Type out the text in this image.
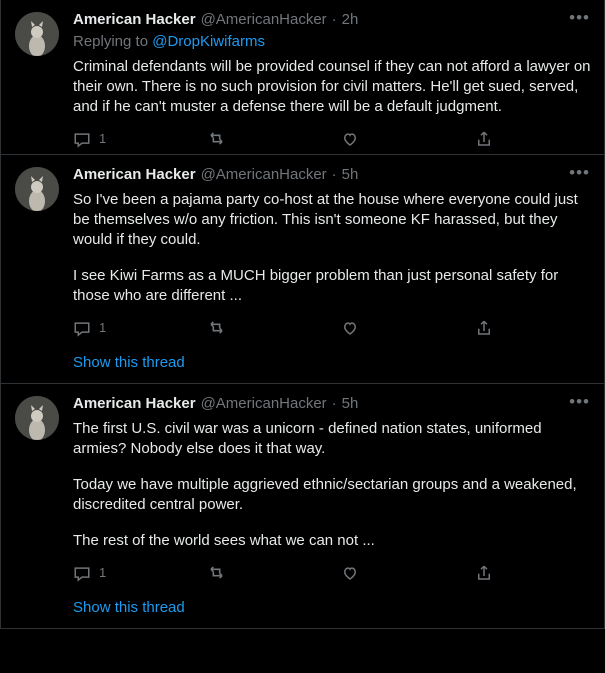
•••
American Hacker @AmericanHacker · 2h
Replying to @DropKiwifarms
Criminal defendants will be provided counsel if they can not afford a lawyer on their own. There is no such provision for civil matters. He'll get sued, served, and if he can't muster a defense there will be a default judgment.
1
•••
American Hacker @AmericanHacker · 5h
So I've been a pajama party co-host at the house where everyone could just be themselves w/o any friction. This isn't someone KF harassed, but they would if they could.
I see Kiwi Farms as a MUCH bigger problem than just personal safety for those who are different ...
1
Show this thread
•••
American Hacker @AmericanHacker · 5h
The first U.S. civil war was a unicorn - defined nation states, uniformed armies? Nobody else does it that way.
Today we have multiple aggrieved ethnic/sectarian groups and a weakened, discredited central power.
The rest of the world sees what we can not ...
1
Show this thread
